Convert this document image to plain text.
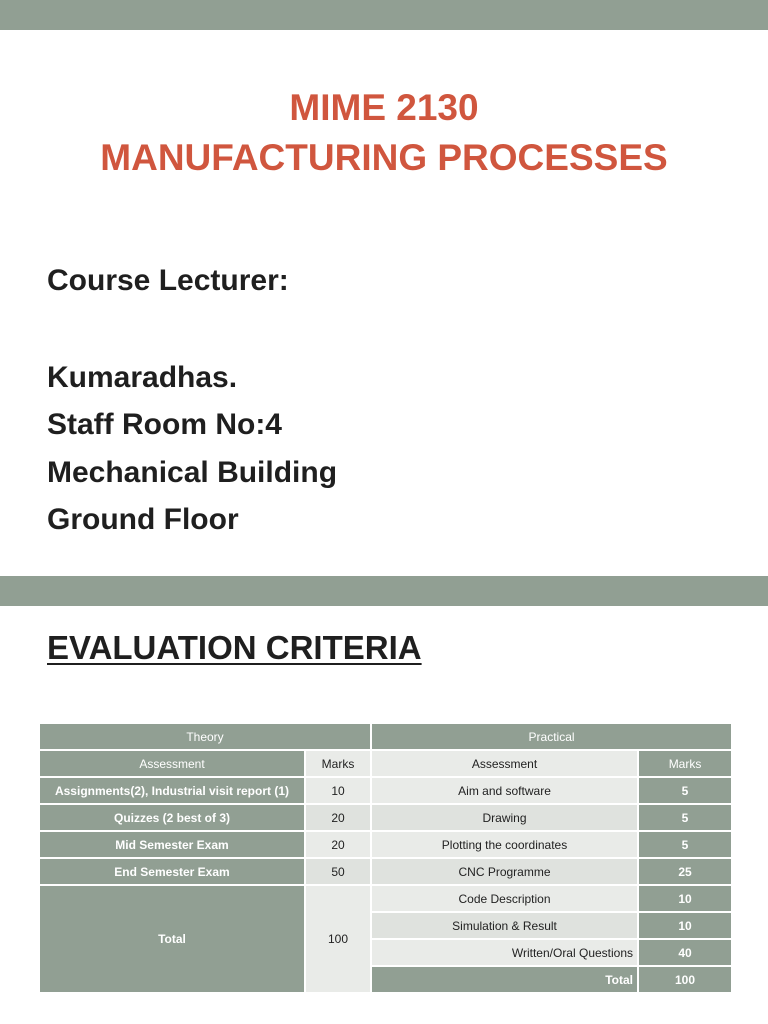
MIME 2130
MANUFACTURING PROCESSES
Course Lecturer:
Kumaradhas.
Staff Room No:4
Mechanical Building
Ground Floor
EVALUATION CRITERIA
Theory		Practical	
Assessment	Marks	Assessment	Marks
Assignments(2), Industrial visit report (1)	10	Aim and software	5
Quizzes (2 best of 3)	20	Drawing	5
Mid Semester Exam	20	Plotting the coordinates	5
End Semester Exam	50	CNC Programme	25
Total	100	Code Description	10
		Simulation & Result	10
		Written/Oral Questions	40
		Total	100
